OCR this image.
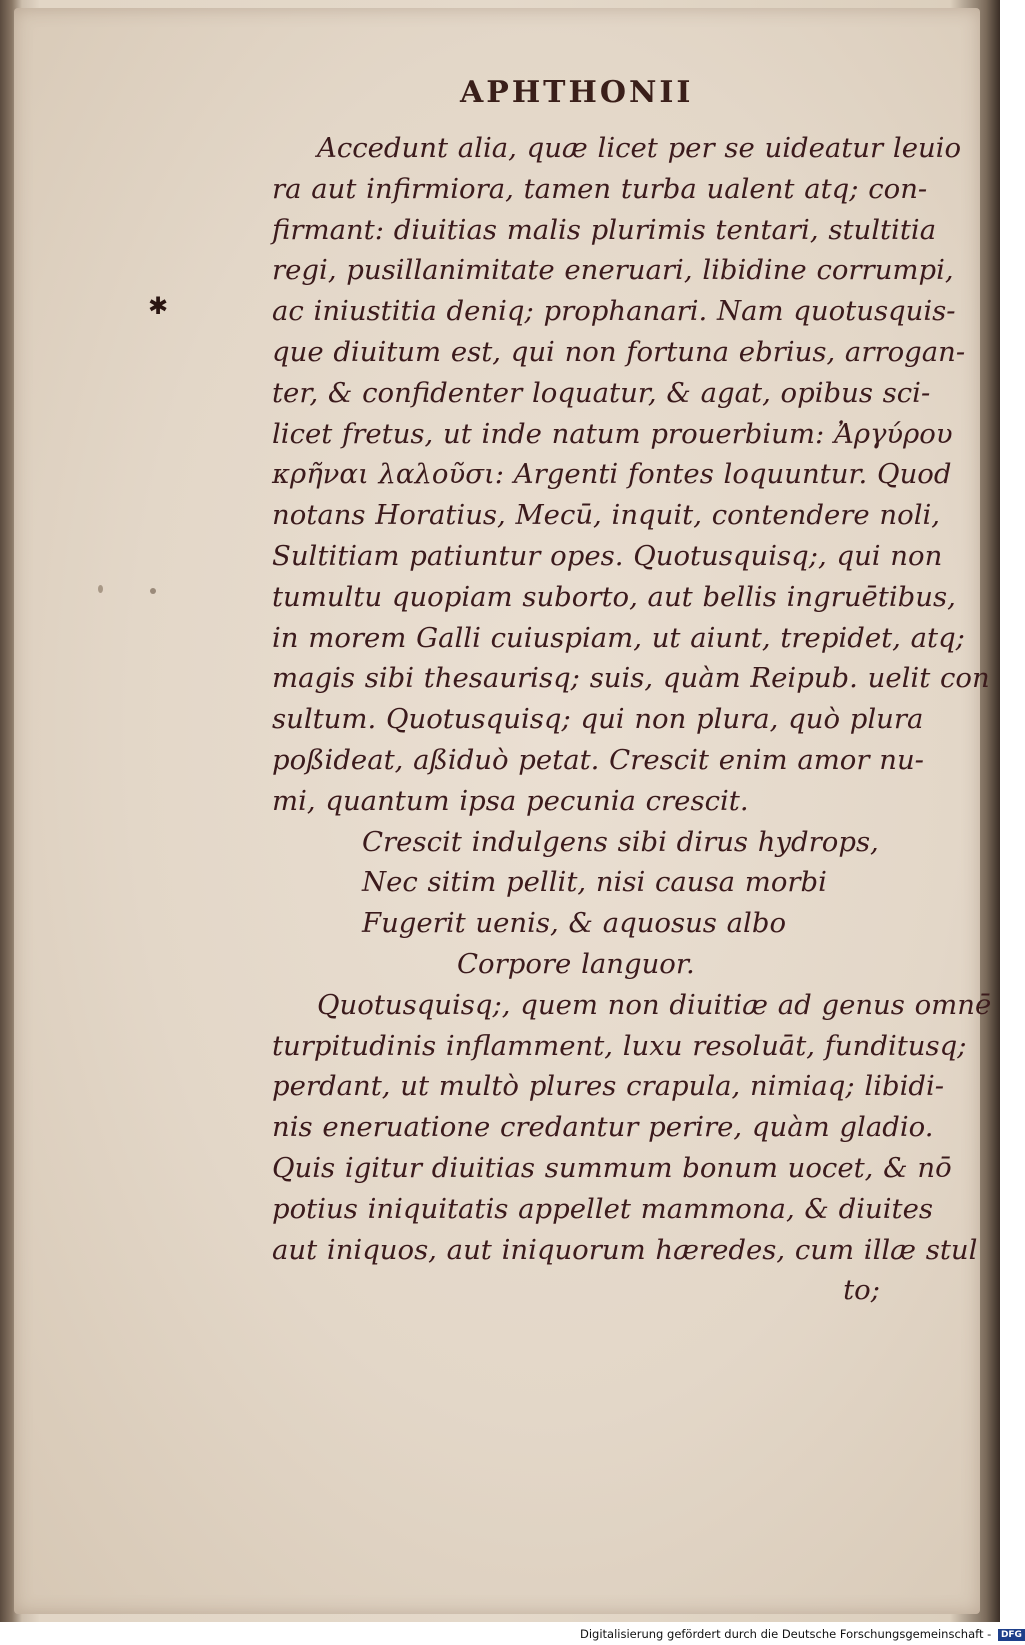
APHTHONII
✱
Accedunt alia, quæ licet per se uideatur leuio
ra aut infirmiora, tamen turba ualent atq; con-
firmant: diuitias malis plurimis tentari, stultitia
regi, pusillanimitate eneruari, libidine corrumpi,
ac iniustitia deniq; prophanari. Nam quotusquis-
que diuitum est, qui non fortuna ebrius, arrogan-
ter, & confidenter loquatur, & agat, opibus sci-
licet fretus, ut inde natum prouerbium: Ἀργύρου
κρῆναι λαλοῦσι: Argenti fontes loquuntur. Quod
notans Horatius, Mecū, inquit, contendere noli,
Sultitiam patiuntur opes. Quotusquisq;, qui non
tumultu quopiam suborto, aut bellis ingruētibus,
in morem Galli cuiuspiam, ut aiunt, trepidet, atq;
magis sibi thesaurisq; suis, quàm Reipub. uelit con
sultum. Quotusquisq; qui non plura, quò plura
poßideat, aßiduò petat. Crescit enim amor nu-
mi, quantum ipsa pecunia crescit.
Crescit indulgens sibi dirus hydrops,
Nec sitim pellit, nisi causa morbi
Fugerit uenis, & aquosus albo
Corpore languor.
Quotusquisq;, quem non diuitiæ ad genus omnē
turpitudinis inflamment, luxu resoluāt, funditusq;
perdant, ut multò plures crapula, nimiaq; libidi-
nis eneruatione credantur perire, quàm gladio.
Quis igitur diuitias summum bonum uocet, & nō
potius iniquitatis appellet mammona, & diuites
aut iniquos, aut iniquorum hæredes, cum illæ stul
to;
Digitalisierung gefördert durch die Deutsche Forschungsgemeinschaft - DFG
